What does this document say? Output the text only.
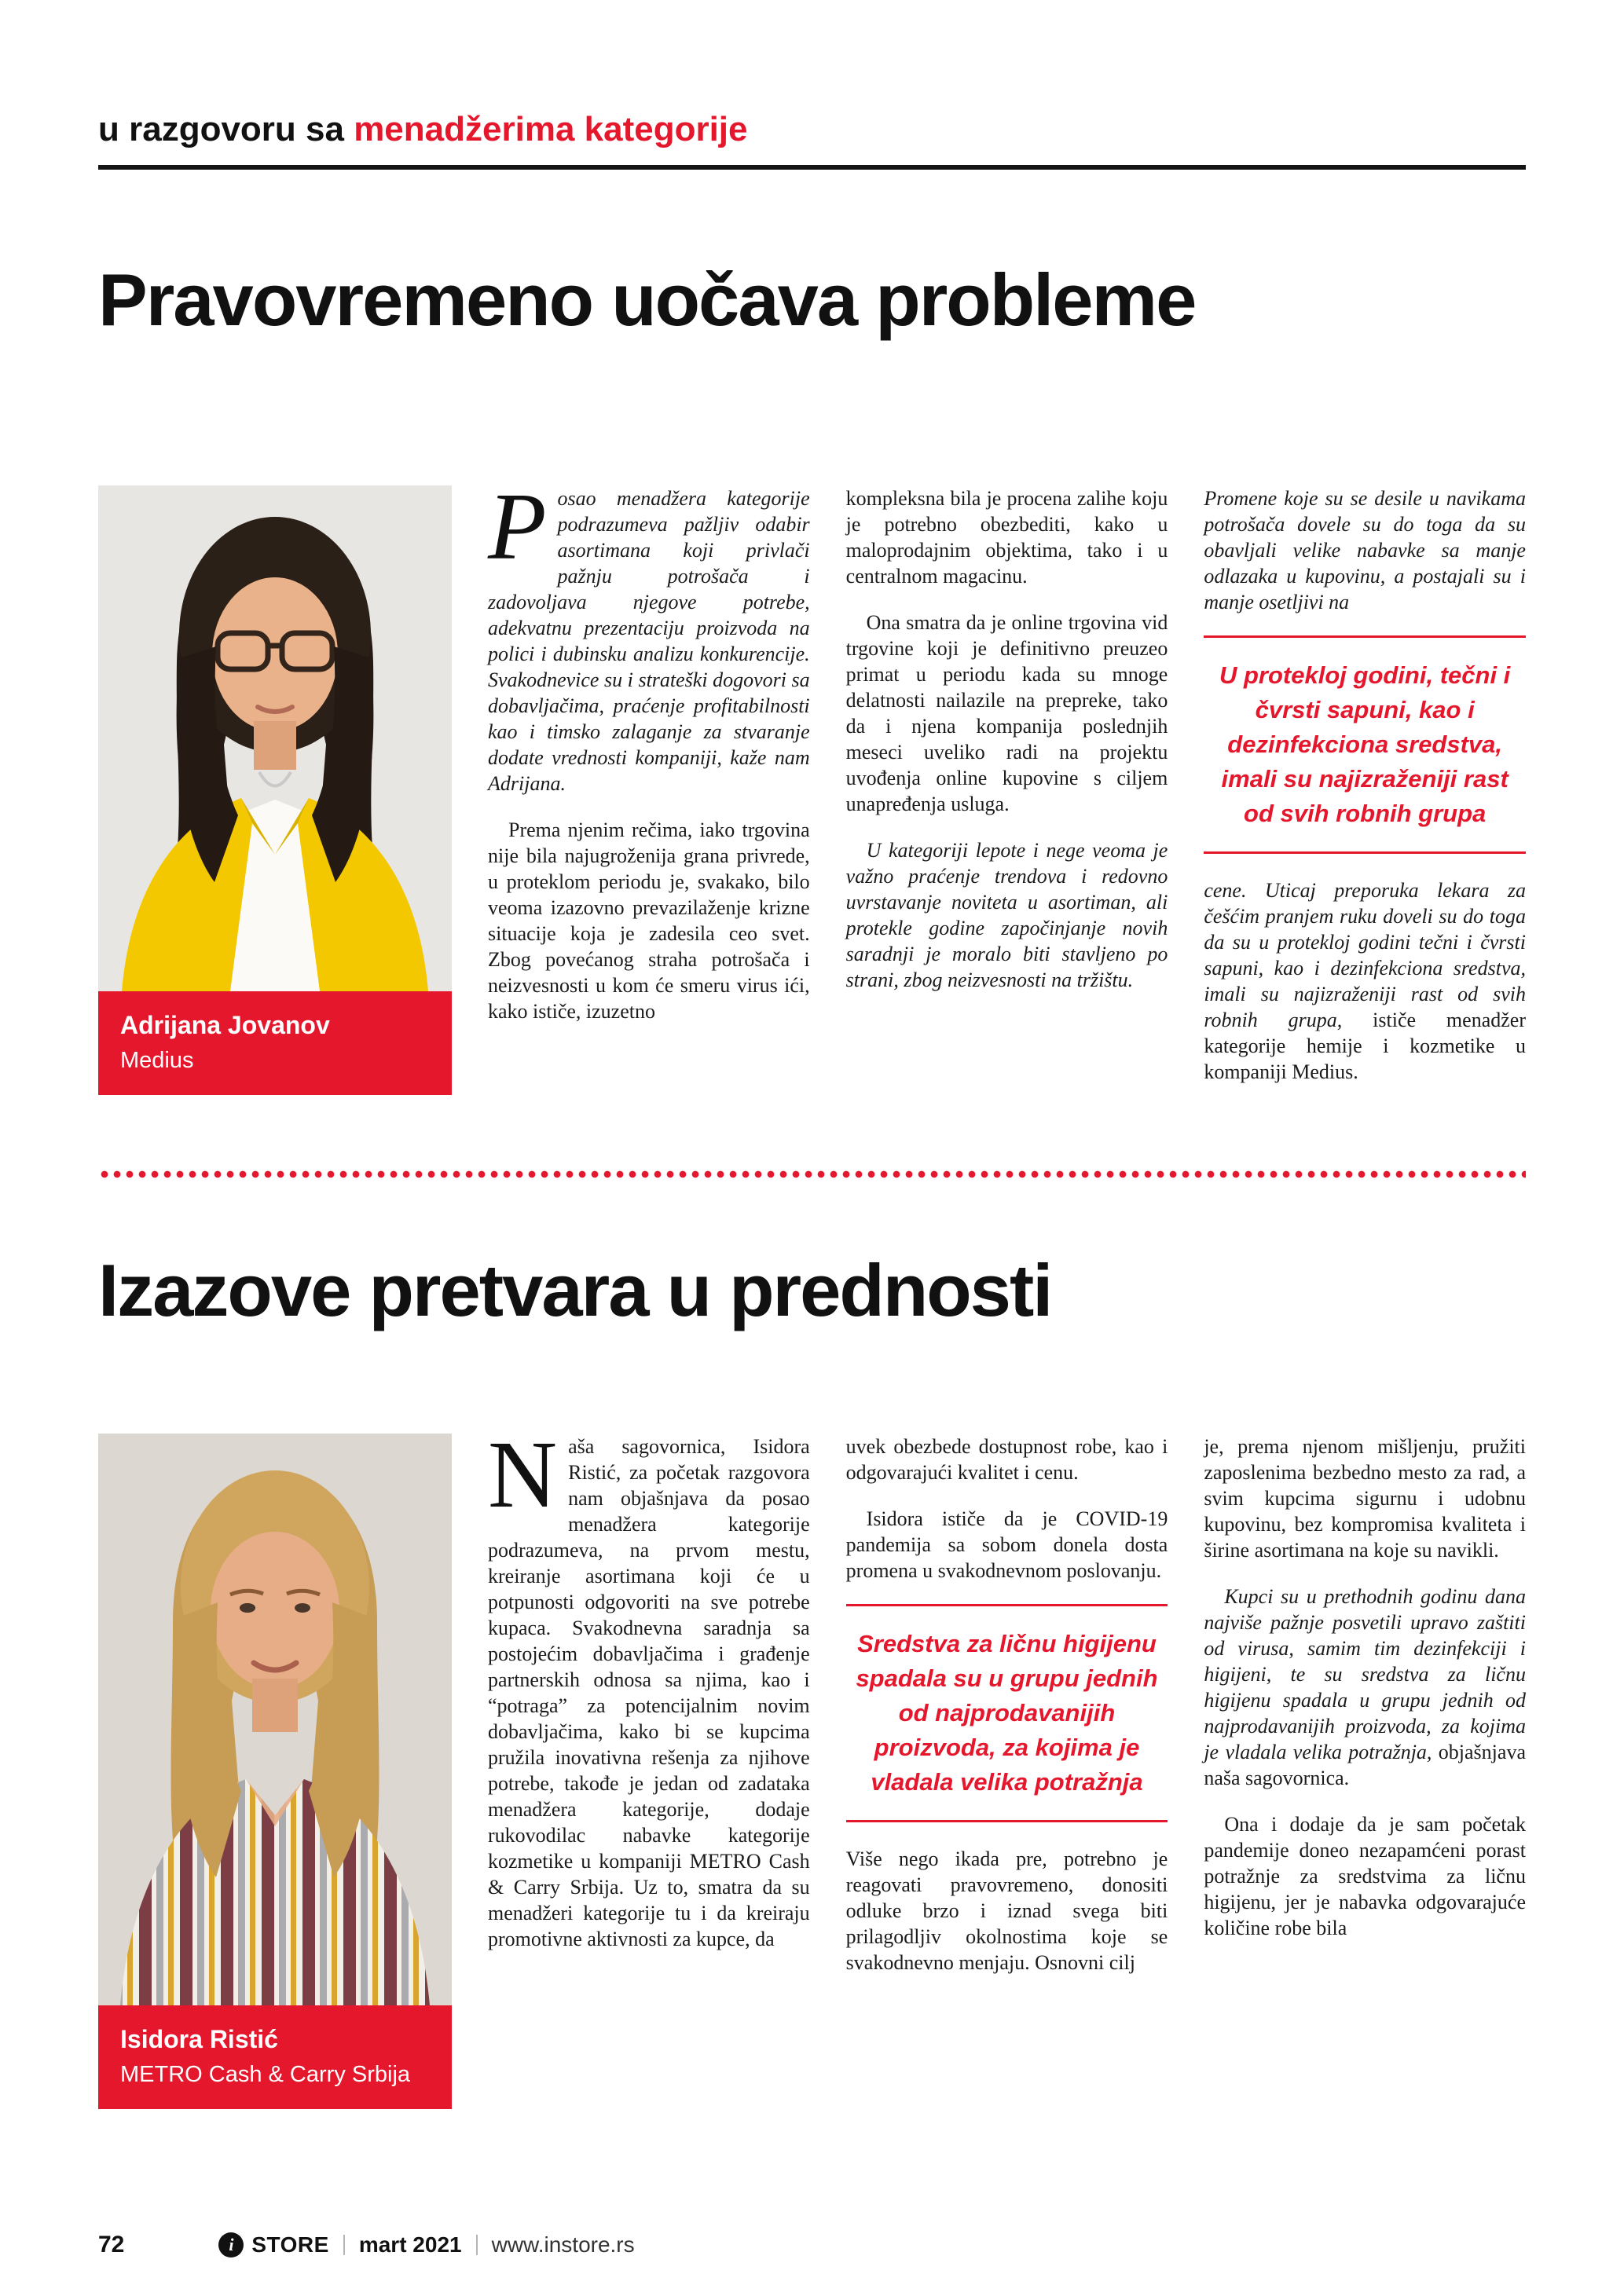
u razgovoru sa menadžerima kategorije
Pravovremeno uočava probleme
Adrijana Jovanov
Medius
Posao menadžera kategorije podrazumeva pažljiv odabir asortimana koji privlači pažnju potrošača i zadovoljava njegove potrebe, adekvatnu prezentaciju proizvoda na polici i dubinsku analizu konkurencije. Svakodnevice su i strateški dogovori sa dobavljačima, praćenje profitabilnosti kao i timsko zalaganje za stvaranje dodate vrednosti kompaniji, kaže nam Adrijana.

Prema njenim rečima, iako trgovina nije bila najugroženija grana privrede, u proteklom periodu je, svakako, bilo veoma izazovno prevazilaženje krizne situacije koja je zadesila ceo svet. Zbog povećanog straha potrošača i neizvesnosti u kom će smeru virus ići, kako ističe, izuzetno

kompleksna bila je procena zalihe koju je potrebno obezbediti, kako u maloprodajnim objektima, tako i u centralnom magacinu.

Ona smatra da je online trgovina vid trgovine koji je definitivno preuzeo primat u periodu kada su mnoge delatnosti nailazile na prepreke, tako da i njena kompanija poslednjih meseci uveliko radi na projektu uvođenja online kupovine s ciljem unapređenja usluga.

U kategoriji lepote i nege veoma je važno praćenje trendova i redovno uvrstavanje noviteta u asortiman, ali protekle godine započinjanje novih saradnji je moralo biti stavljeno po strani, zbog neizvesnosti na tržištu.

Promene koje su se desile u navikama potrošača dovele su do toga da su obavljali velike nabavke sa manje odlazaka u kupovinu, a postajali su i manje osetljivi na

U protekloj godini, tečni i čvrsti sapuni, kao i dezinfekciona sredstva, imali su najizraženiji rast od svih robnih grupa

cene. Uticaj preporuka lekara za češćim pranjem ruku doveli su do toga da su u protekloj godini tečni i čvrsti sapuni, kao i dezinfekciona sredstva, imali su najizraženiji rast od svih robnih grupa, ističe menadžer kategorije hemije i kozmetike u kompaniji Medius.

Izazove pretvara u prednosti
Isidora Ristić
METRO Cash & Carry Srbija
Naša sagovornica, Isidora Ristić, za početak razgovora nam objašnjava da posao menadžera kategorije podrazumeva, na prvom mestu, kreiranje asortimana koji će u potpunosti odgovoriti na sve potrebe kupaca. Svakodnevna saradnja sa postojećim dobavljačima i građenje partnerskih odnosa sa njima, kao i “potraga” za potencijalnim novim dobavljačima, kako bi se kupcima pružila inovativna rešenja za njihove potrebe, takođe je jedan od zadataka menadžera kategorije, dodaje rukovodilac nabavke kategorije kozmetike u kompaniji METRO Cash & Carry Srbija. Uz to, smatra da su menadžeri kategorije tu i da kreiraju promotivne aktivnosti za kupce, da

uvek obezbede dostupnost robe, kao i odgovarajući kvalitet i cenu.

Isidora ističe da je COVID-19 pandemija sa sobom donela dosta promena u svakodnevnom poslovanju.

Sredstva za ličnu higijenu spadala su u grupu jednih od najprodavanijih proizvoda, za kojima je vladala velika potražnja

Više nego ikada pre, potrebno je reagovati pravovremeno, donositi odluke brzo i iznad svega biti prilagodljiv okolnostima koje se svakodnevno menjaju. Osnovni cilj

je, prema njenom mišljenju, pružiti zaposlenima bezbedno mesto za rad, a svim kupcima sigurnu i udobnu kupovinu, bez kompromisa kvaliteta i širine asortimana na koje su navikli.

Kupci su u prethodnih godinu dana najviše pažnje posvetili upravo zaštiti od virusa, samim tim dezinfekciji i higijeni, te su sredstva za ličnu higijenu spadala u grupu jednih od najprodavanijih proizvoda, za kojima je vladala velika potražnja, objašnjava naša sagovornica.

Ona i dodaje da je sam početak pandemije doneo nezapamćeni porast potražnje za sredstvima za ličnu higijenu, jer je nabavka odgovarajuće količine robe bila

72	i STORE mart 2021 www.instore.rs
